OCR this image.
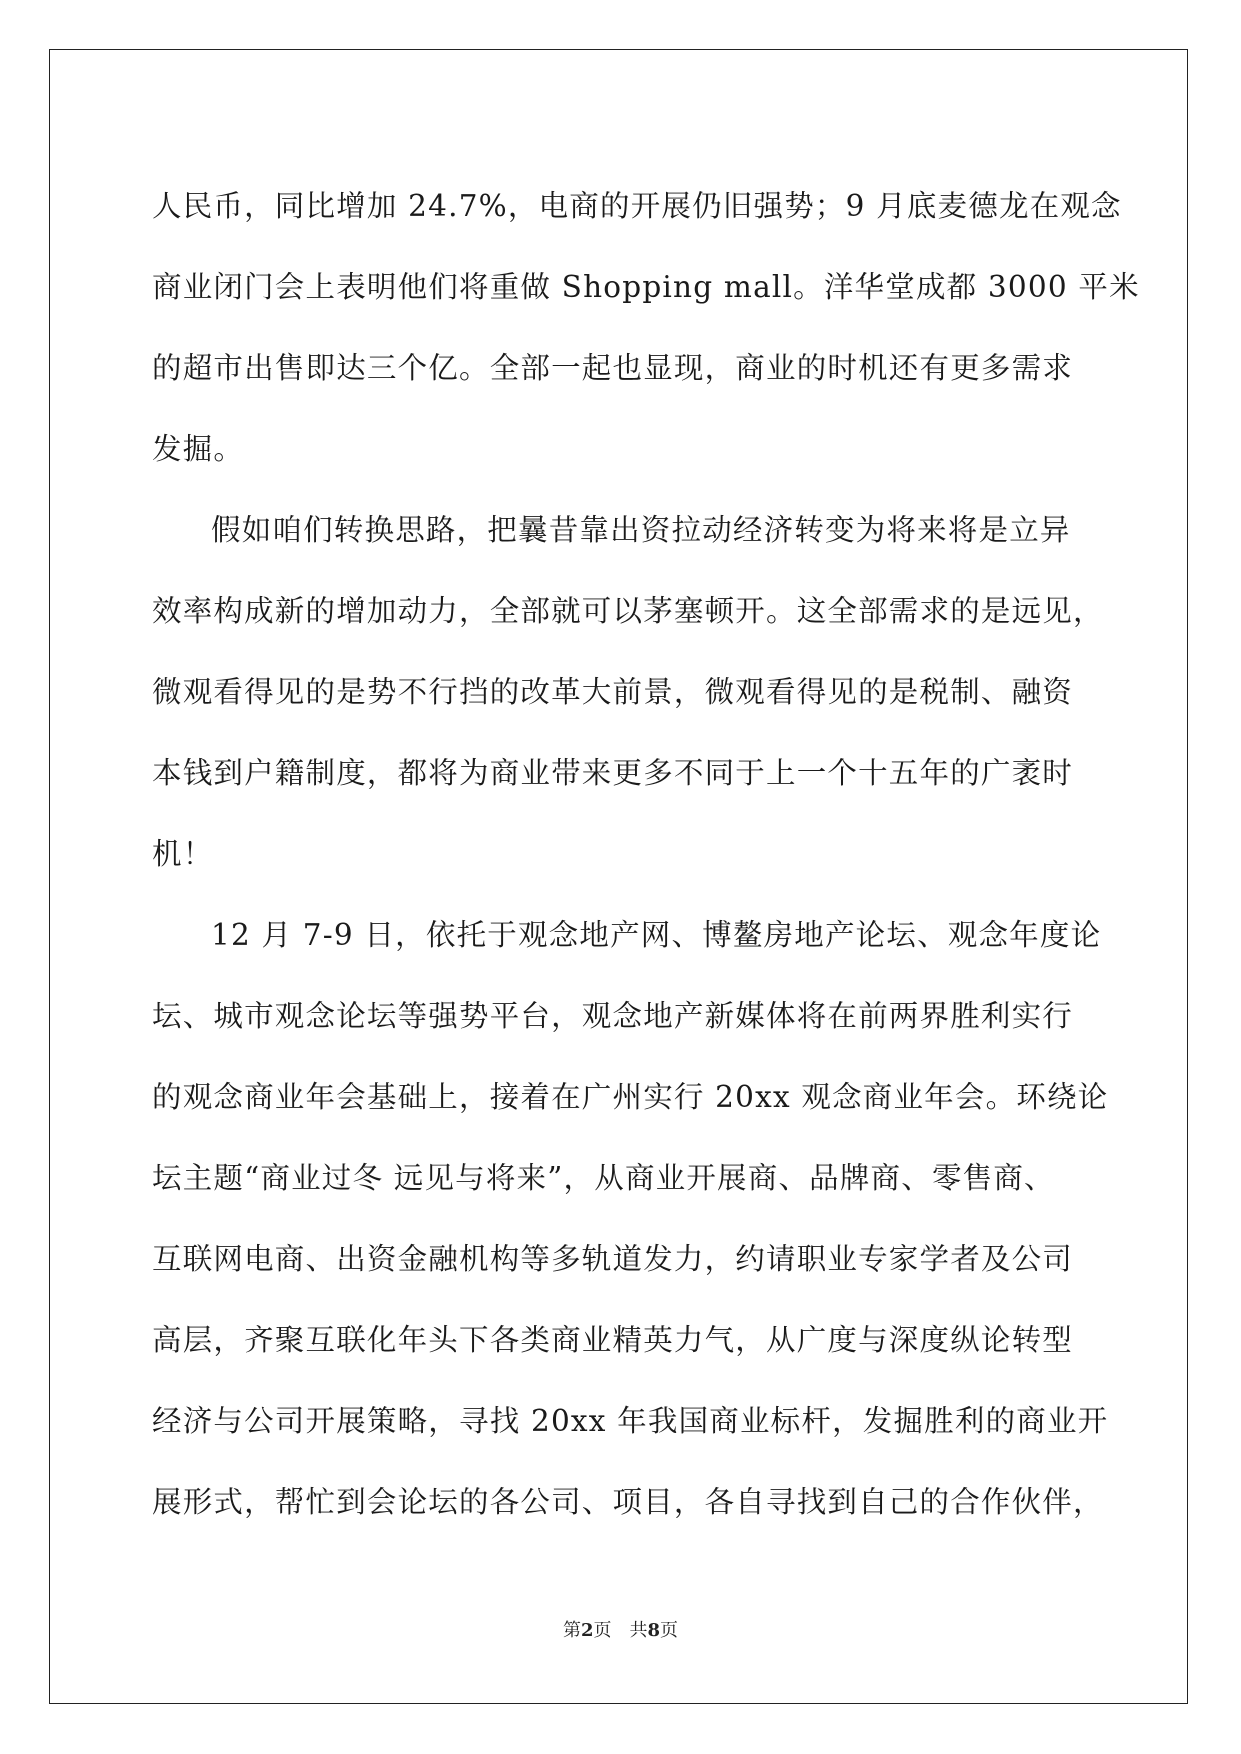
人民币，同比增加 24.7%，电商的开展仍旧强势；9 月底麦德龙在观念
商业闭门会上表明他们将重做 Shopping mall。洋华堂成都 3000 平米
的超市出售即达三个亿。全部一起也显现，商业的时机还有更多需求
发掘。

假如咱们转换思路，把曩昔靠出资拉动经济转变为将来将是立异
效率构成新的增加动力，全部就可以茅塞顿开。这全部需求的是远见，
微观看得见的是势不行挡的改革大前景，微观看得见的是税制、融资
本钱到户籍制度，都将为商业带来更多不同于上一个十五年的广袤时
机！

12 月 7-9 日，依托于观念地产网、博鳌房地产论坛、观念年度论
坛、城市观念论坛等强势平台，观念地产新媒体将在前两界胜利实行
的观念商业年会基础上，接着在广州实行 20xx 观念商业年会。环绕论
坛主题“商业过冬 远见与将来”，从商业开展商、品牌商、零售商、
互联网电商、出资金融机构等多轨道发力，约请职业专家学者及公司
高层，齐聚互联化年头下各类商业精英力气，从广度与深度纵论转型
经济与公司开展策略，寻找 20xx 年我国商业标杆，发掘胜利的商业开
展形式，帮忙到会论坛的各公司、项目，各自寻找到自己的合作伙伴，

第2页　共8页
